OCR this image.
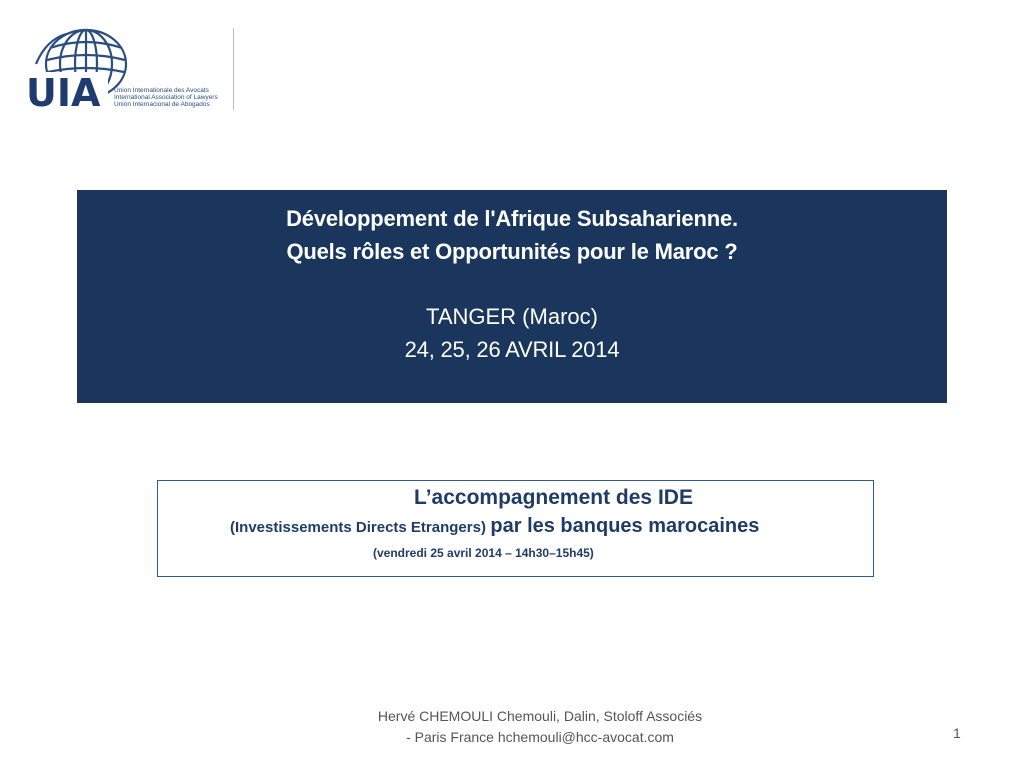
UIA Union Internationale des Avocats
International Association of Lawyers
Unión Internacional de Abogados
Développement de l'Afrique Subsaharienne.
Quels rôles et Opportunités pour le Maroc ?
TANGER (Maroc)
24, 25, 26 AVRIL 2014
L’accompagnement des IDE
(Investissements Directs Etrangers) par les banques marocaines
(vendredi 25 avril 2014 – 14h30–15h45)
Hervé CHEMOULI Chemouli, Dalin, Stoloff Associés
- Paris France hchemouli@hcc-avocat.com	1
